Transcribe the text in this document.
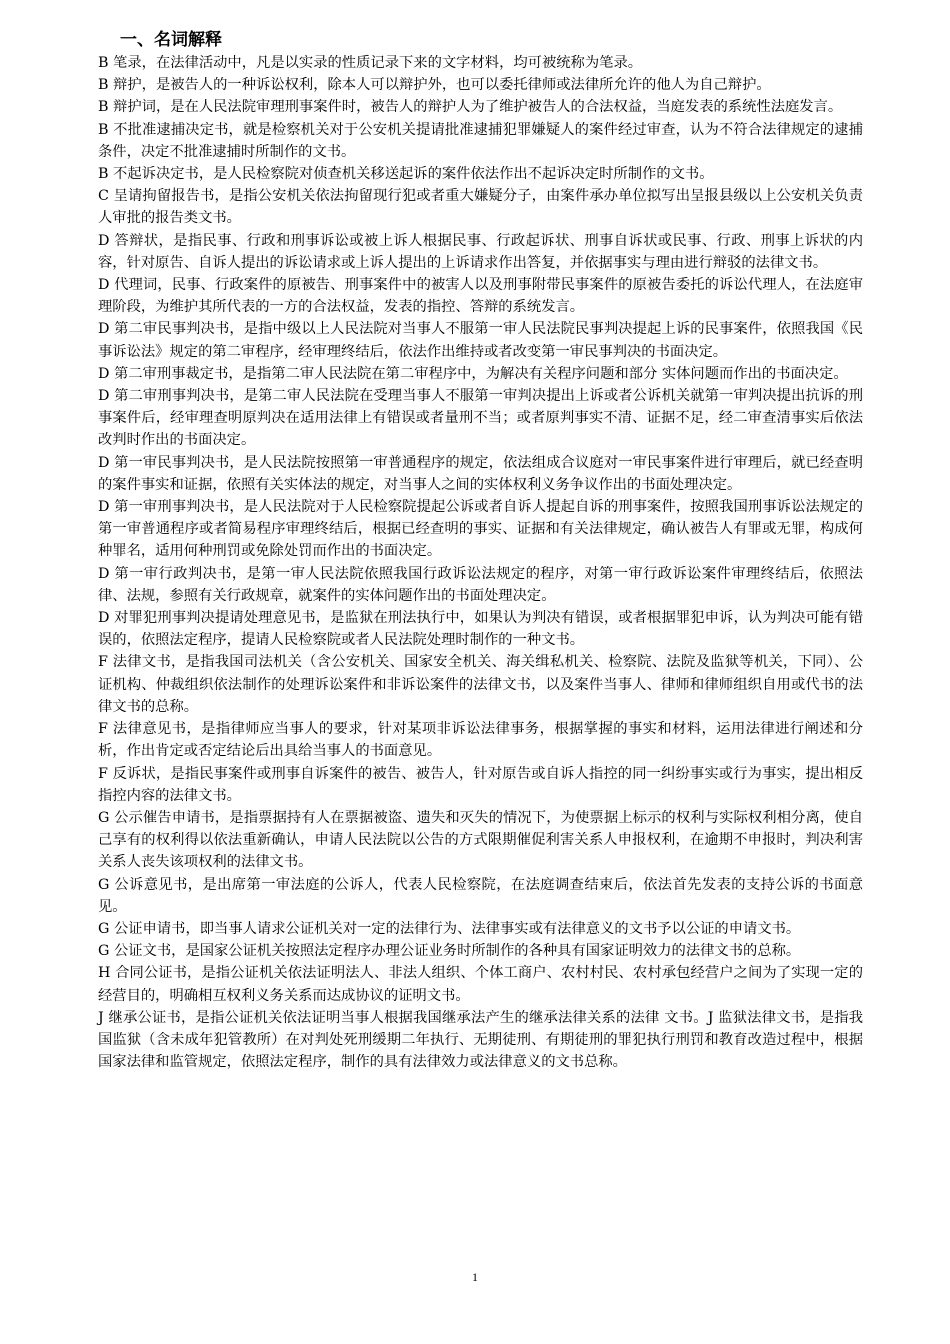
一、名词解释

B 笔录，在法律活动中，凡是以实录的性质记录下来的文字材料，均可被统称为笔录。

B 辩护，是被告人的一种诉讼权利，除本人可以辩护外，也可以委托律师或法律所允许的他人为自己辩护。

B 辩护词，是在人民法院审理刑事案件时，被告人的辩护人为了维护被告人的合法权益，当庭发表的系统性法庭发言。

B 不批准逮捕决定书，就是检察机关对于公安机关提请批准逮捕犯罪嫌疑人的案件经过审查，认为不符合法律规定的逮捕条件，决定不批准逮捕时所制作的文书。

B 不起诉决定书，是人民检察院对侦查机关移送起诉的案件依法作出不起诉决定时所制作的文书。

C 呈请拘留报告书，是指公安机关依法拘留现行犯或者重大嫌疑分子，由案件承办单位拟写出呈报县级以上公安机关负责人审批的报告类文书。

D 答辩状，是指民事、行政和刑事诉讼或被上诉人根据民事、行政起诉状、刑事自诉状或民事、行政、刑事上诉状的内容，针对原告、自诉人提出的诉讼请求或上诉人提出的上诉请求作出答复，并依据事实与理由进行辩驳的法律文书。

D 代理词，民事、行政案件的原被告、刑事案件中的被害人以及刑事附带民事案件的原被告委托的诉讼代理人，在法庭审理阶段，为维护其所代表的一方的合法权益，发表的指控、答辩的系统发言。

D 第二审民事判决书，是指中级以上人民法院对当事人不服第一审人民法院民事判决提起上诉的民事案件，依照我国《民事诉讼法》规定的第二审程序，经审理终结后，依法作出维持或者改变第一审民事判决的书面决定。

D 第二审刑事裁定书，是指第二审人民法院在第二审程序中，为解决有关程序问题和部分 实体问题而作出的书面决定。

D 第二审刑事判决书，是第二审人民法院在受理当事人不服第一审判决提出上诉或者公诉机关就第一审判决提出抗诉的刑事案件后，经审理查明原判决在适用法律上有错误或者量刑不当；或者原判事实不清、证据不足，经二审查清事实后依法改判时作出的书面决定。

D 第一审民事判决书，是人民法院按照第一审普通程序的规定，依法组成合议庭对一审民事案件进行审理后，就已经查明的案件事实和证据，依照有关实体法的规定，对当事人之间的实体权利义务争议作出的书面处理决定。

D 第一审刑事判决书，是人民法院对于人民检察院提起公诉或者自诉人提起自诉的刑事案件，按照我国刑事诉讼法规定的第一审普通程序或者简易程序审理终结后，根据已经查明的事实、证据和有关法律规定，确认被告人有罪或无罪，构成何种罪名，适用何种刑罚或免除处罚而作出的书面决定。

D 第一审行政判决书，是第一审人民法院依照我国行政诉讼法规定的程序，对第一审行政诉讼案件审理终结后，依照法律、法规，参照有关行政规章，就案件的实体问题作出的书面处理决定。

D 对罪犯刑事判决提请处理意见书，是监狱在刑法执行中，如果认为判决有错误，或者根据罪犯申诉，认为判决可能有错误的，依照法定程序，提请人民检察院或者人民法院处理时制作的一种文书。

F 法律文书，是指我国司法机关（含公安机关、国家安全机关、海关缉私机关、检察院、法院及监狱等机关，下同）、公证机构、仲裁组织依法制作的处理诉讼案件和非诉讼案件的法律文书，以及案件当事人、律师和律师组织自用或代书的法律文书的总称。

F 法律意见书，是指律师应当事人的要求，针对某项非诉讼法律事务，根据掌握的事实和材料，运用法律进行阐述和分析，作出肯定或否定结论后出具给当事人的书面意见。

F 反诉状，是指民事案件或刑事自诉案件的被告、被告人，针对原告或自诉人指控的同一纠纷事实或行为事实，提出相反指控内容的法律文书。

G 公示催告申请书，是指票据持有人在票据被盗、遗失和灭失的情况下，为使票据上标示的权利与实际权利相分离，使自己享有的权利得以依法重新确认，申请人民法院以公告的方式限期催促利害关系人申报权利，在逾期不申报时，判决利害关系人丧失该项权利的法律文书。

G 公诉意见书，是出席第一审法庭的公诉人，代表人民检察院，在法庭调查结束后，依法首先发表的支持公诉的书面意见。

G 公证申请书，即当事人请求公证机关对一定的法律行为、法律事实或有法律意义的文书予以公证的申请文书。

G 公证文书，是国家公证机关按照法定程序办理公证业务时所制作的各种具有国家证明效力的法律文书的总称。

H 合同公证书，是指公证机关依法证明法人、非法人组织、个体工商户、农村村民、农村承包经营户之间为了实现一定的经营目的，明确相互权利义务关系而达成协议的证明文书。

J 继承公证书，是指公证机关依法证明当事人根据我国继承法产生的继承法律关系的法律 文书。J 监狱法律文书，是指我国监狱（含未成年犯管教所）在对判处死刑缓期二年执行、无期徒刑、有期徒刑的罪犯执行刑罚和教育改造过程中，根据国家法律和监管规定，依照法定程序，制作的具有法律效力或法律意义的文书总称。

1
